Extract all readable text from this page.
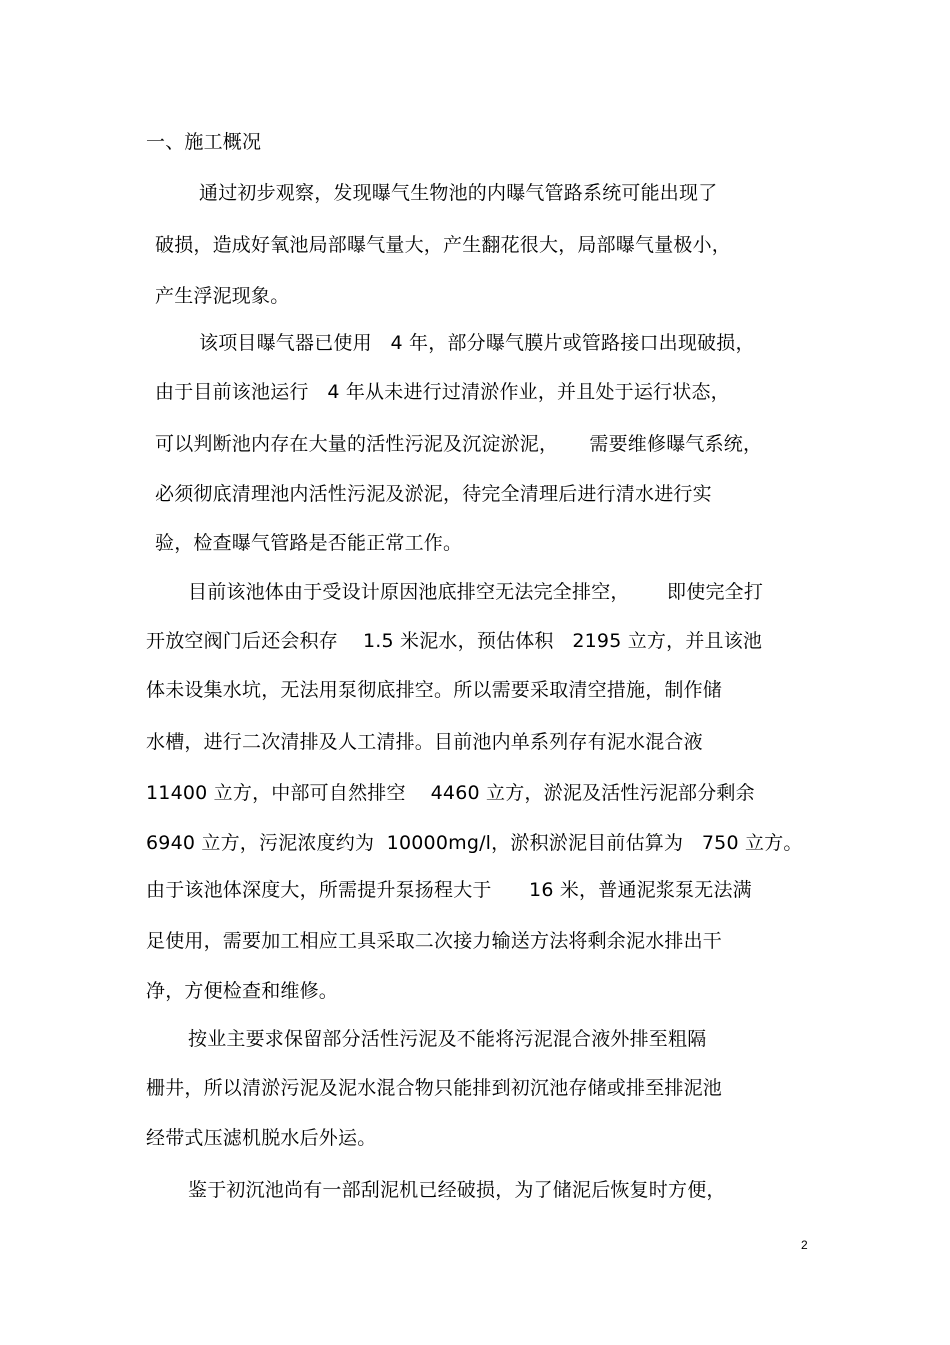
一、施工概况
通过初步观察，发现曝气生物池的内曝气管路系统可能出现了
破损，造成好氧池局部曝气量大，产生翻花很大，局部曝气量极小，
产生浮泥现象。
该项目曝气器已使用   4 年，部分曝气膜片或管路接口出现破损，
由于目前该池运行   4 年从未进行过清淤作业，并且处于运行状态，
可以判断池内存在大量的活性污泥及沉淀淤泥，     需要维修曝气系统，
必须彻底清理池内活性污泥及淤泥，待完全清理后进行清水进行实
验，检查曝气管路是否能正常工作。
目前该池体由于受设计原因池底排空无法完全排空，      即使完全打
开放空阀门后还会积存    1.5 米泥水，预估体积   2195 立方，并且该池
体未设集水坑，无法用泵彻底排空。所以需要采取清空措施，制作储
水槽，进行二次清排及人工清排。目前池内单系列存有泥水混合液
11400 立方，中部可自然排空    4460 立方，淤泥及活性污泥部分剩余
6940 立方，污泥浓度约为  10000mg/l，淤积淤泥目前估算为   750 立方。
由于该池体深度大，所需提升泵扬程大于      16 米，普通泥浆泵无法满
足使用，需要加工相应工具采取二次接力输送方法将剩余泥水排出干
净，方便检查和维修。
按业主要求保留部分活性污泥及不能将污泥混合液外排至粗隔
栅井，所以清淤污泥及泥水混合物只能排到初沉池存储或排至排泥池
经带式压滤机脱水后外运。
鉴于初沉池尚有一部刮泥机已经破损，为了储泥后恢复时方便，
2
